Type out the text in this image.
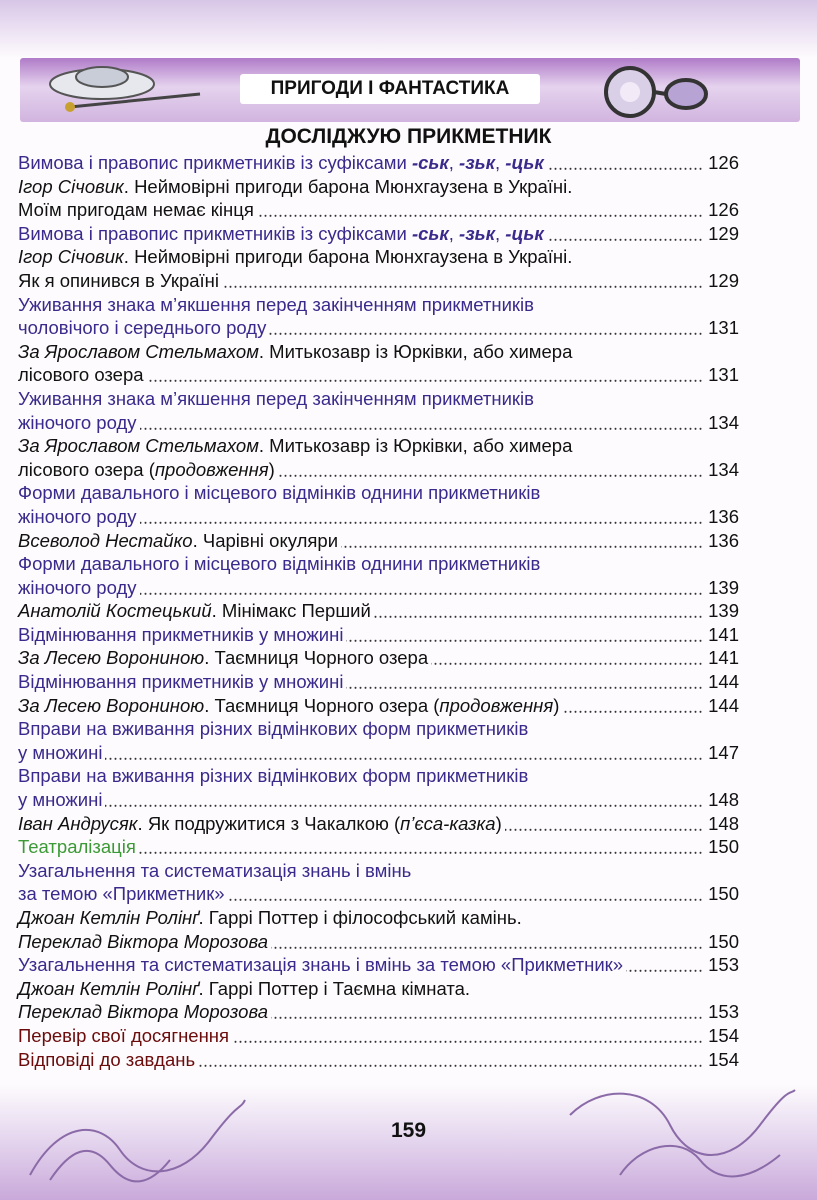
ПРИГОДИ І ФАНТАСТИКА
ДОСЛІДЖУЮ ПРИКМЕТНИК
Вимова і правопис прикметників із суфіксами -ськ, -зьк, -цьк	126
Ігор Січовик. Неймовірні пригоди барона Мюнхгаузена в Україні.
Моїм пригодам немає кінця	126
Вимова і правопис прикметників із суфіксами -ськ, -зьк, -цьк	129
Ігор Січовик. Неймовірні пригоди барона Мюнхгаузена в Україні.
Як я опинився в Україні	129
Уживання знака м’якшення перед закінченням прикметників
чоловічого і середнього роду	131
За Ярославом Стельмахом. Митькозавр із Юрківки, або химера
лісового озера	131
Уживання знака м’якшення перед закінченням прикметників
жіночого роду	134
За Ярославом Стельмахом. Митькозавр із Юрківки, або химера
лісового озера (продовження)	134
Форми давального і місцевого відмінків однини прикметників
жіночого роду	136
Всеволод Нестайко. Чарівні окуляри	136
Форми давального і місцевого відмінків однини прикметників
жіночого роду	139
Анатолій Костецький. Мінімакс Перший	139
Відмінювання прикметників у множині	141
За Лесею Ворониною. Таємниця Чорного озера	141
Відмінювання прикметників у множині	144
За Лесею Ворониною. Таємниця Чорного озера (продовження)	144
Вправи на вживання різних відмінкових форм прикметників
у множині	147
Вправи на вживання різних відмінкових форм прикметників
у множині	148
Іван Андрусяк. Як подружитися з Чакалкою (п’єса-казка)	148
Театралізація	150
Узагальнення та систематизація знань і вмінь
за темою «Прикметник»	150
Джоан Кетлін Ролінґ. Гаррі Поттер і філософський камінь.
Переклад Віктора Морозова	150
Узагальнення та систематизація знань і вмінь за темою «Прикметник»	153
Джоан Кетлін Ролінґ. Гаррі Поттер і Таємна кімната.
Переклад Віктора Морозова	153
Перевір свої досягнення	154
Відповіді до завдань	154
159
